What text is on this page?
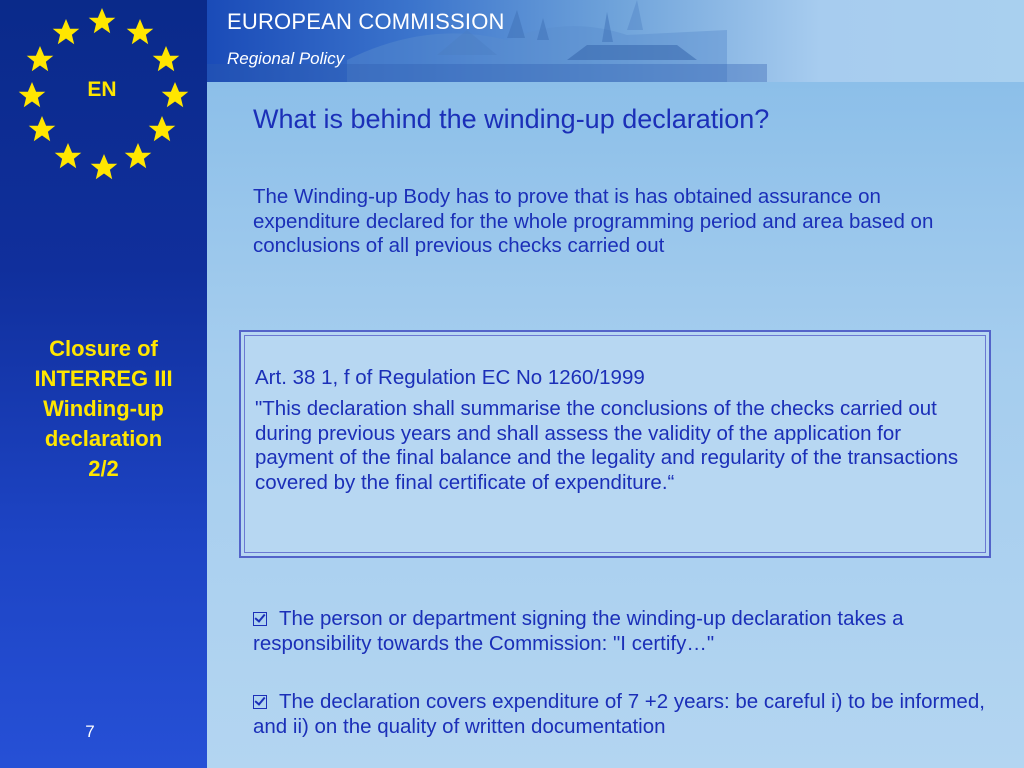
EN
Closure of
INTERREG III
Winding-up
declaration
2/2
7
EUROPEAN COMMISSION
Regional Policy
What is behind the winding-up declaration?
The Winding-up Body has to prove that is has obtained assurance on expenditure declared for the whole programming period and area based on conclusions of all previous checks carried out
Art. 38 1, f of Regulation EC No 1260/1999
"This declaration shall summarise the conclusions of the checks carried out during previous years and shall assess the validity of the application for payment of the final balance and the legality and regularity of the transactions covered by the final certificate of expenditure.“
The person or department signing the winding-up declaration takes a responsibility towards the Commission: "I certify…"
The declaration covers expenditure of 7 +2 years: be careful i) to be informed, and ii) on the quality of written documentation
